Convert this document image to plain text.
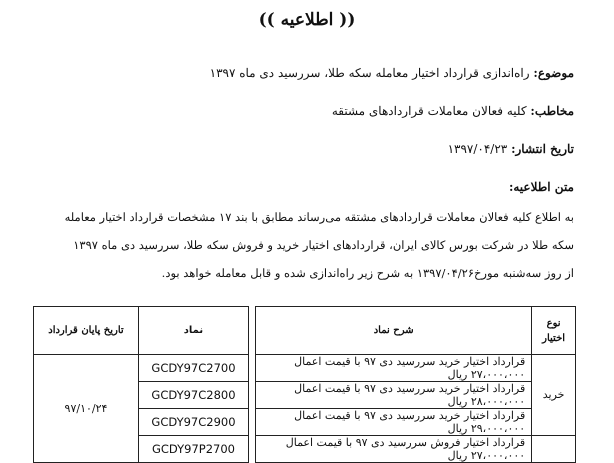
(( اطلاعیه ))
موضوع: راه‌اندازی قرارداد اختیار معامله سکه طلا، سررسید دی ماه ۱۳۹۷
مخاطب: کلیه فعالان معاملات قراردادهای مشتقه
تاریخ انتشار: ۱۳۹۷/۰۴/۲۳
متن اطلاعیه:
به اطلاع کلیه فعالان معاملات قراردادهای مشتقه می‌رساند مطابق با بند ۱۷ مشخصات قرارداد اختیار معامله
سکه طلا در شرکت بورس کالای ایران، قراردادهای اختیار خرید و فروش سکه طلا، سررسید دی ماه ۱۳۹۷
از روز سه‌شنبه مورخ۱۳۹۷/۰۴/۲۶ به شرح زیر راه‌اندازی شده و قابل معامله خواهد بود.
نوع اختیار	شرح نماد		نماد	تاریخ پایان قرارداد
خرید	قرارداد اختیار خرید سررسید دی ۹۷ با قیمت اعمال ۲۷،۰۰۰،۰۰۰ ریال		GCDY97C2700	۹۷/۱۰/۲۴
	قرارداد اختیار خرید سررسید دی ۹۷ با قیمت اعمال ۲۸،۰۰۰،۰۰۰ ریال		GCDY97C2800	
	قرارداد اختیار خرید سررسید دی ۹۷ با قیمت اعمال ۲۹،۰۰۰،۰۰۰ ریال		GCDY97C2900	
	قرارداد اختیار فروش سررسید دی ۹۷ با قیمت اعمال ۲۷،۰۰۰،۰۰۰ ریال		GCDY97P2700	
